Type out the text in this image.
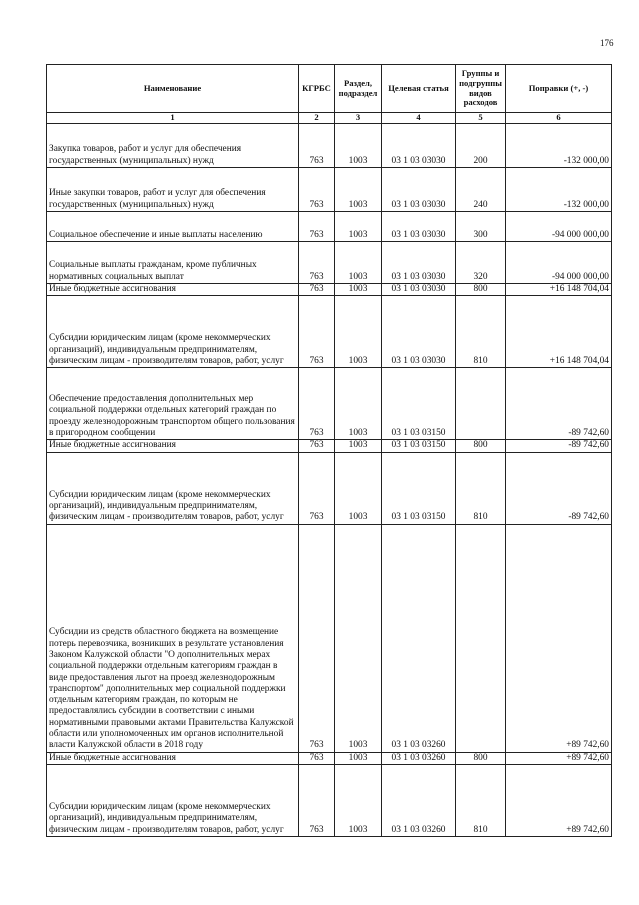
176
Наименование	КГРБС	Раздел, подраздел	Целевая статья	Группы и подгруппы видов расходов	Поправки (+, -)
1	2	3	4	5	6
Закупка товаров, работ и услуг для обеспечения государственных (муниципальных) нужд	763	1003	03 1 03 03030	200	-132 000,00
Иные закупки товаров, работ и услуг для обеспечения государственных (муниципальных) нужд	763	1003	03 1 03 03030	240	-132 000,00
Социальное обеспечение и иные выплаты населению	763	1003	03 1 03 03030	300	-94 000 000,00
Социальные выплаты гражданам, кроме публичных нормативных социальных выплат	763	1003	03 1 03 03030	320	-94 000 000,00
Иные бюджетные ассигнования	763	1003	03 1 03 03030	800	+16 148 704,04
Субсидии юридическим лицам (кроме некоммерческих организаций), индивидуальным предпринимателям, физическим лицам - производителям товаров, работ, услуг	763	1003	03 1 03 03030	810	+16 148 704,04
Обеспечение предоставления дополнительных мер социальной поддержки отдельных категорий граждан по проезду железнодорожным транспортом общего пользования в пригородном сообщении	763	1003	03 1 03 03150		-89 742,60
Иные бюджетные ассигнования	763	1003	03 1 03 03150	800	-89 742,60
Субсидии юридическим лицам (кроме некоммерческих организаций), индивидуальным предпринимателям, физическим лицам - производителям товаров, работ, услуг	763	1003	03 1 03 03150	810	-89 742,60
Субсидии из средств областного бюджета на возмещение потерь перевозчика, возникших в результате установления Законом Калужской области "О дополнительных мерах социальной поддержки отдельным категориям граждан в виде предоставления льгот на проезд железнодорожным транспортом" дополнительных мер социальной поддержки отдельным категориям граждан, по которым не предоставлялись субсидии в соответствии с иными нормативными правовыми актами Правительства Калужской области или уполномоченных им органов исполнительной власти Калужской области в 2018 году	763	1003	03 1 03 03260		+89 742,60
Иные бюджетные ассигнования	763	1003	03 1 03 03260	800	+89 742,60
Субсидии юридическим лицам (кроме некоммерческих организаций), индивидуальным предпринимателям, физическим лицам - производителям товаров, работ, услуг	763	1003	03 1 03 03260	810	+89 742,60
